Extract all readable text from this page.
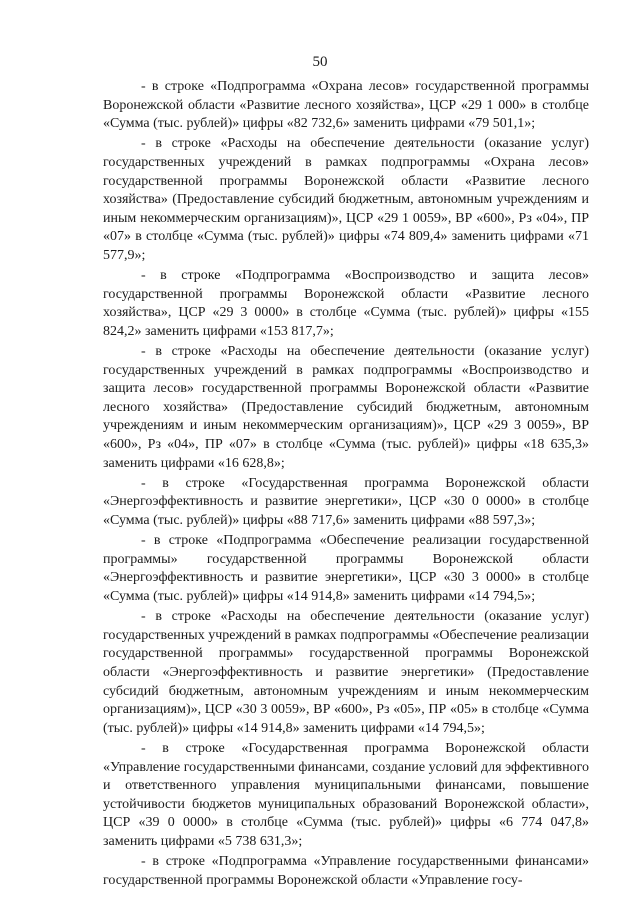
50

- в строке «Подпрограмма «Охрана лесов» государственной программы Воронежской области «Развитие лесного хозяйства», ЦСР «29 1 000» в столбце «Сумма (тыс. рублей)» цифры «82 732,6» заменить цифрами «79 501,1»;

- в строке «Расходы на обеспечение деятельности (оказание услуг) государственных учреждений в рамках подпрограммы «Охрана лесов» государственной программы Воронежской области «Развитие лесного хозяйства» (Предоставление субсидий бюджетным, автономным учреждениям и иным некоммерческим организациям)», ЦСР «29 1 0059», ВР «600», Рз «04», ПР «07» в столбце «Сумма (тыс. рублей)» цифры «74 809,4» заменить цифрами «71 577,9»;

- в строке «Подпрограмма «Воспроизводство и защита лесов» государственной программы Воронежской области «Развитие лесного хозяйства», ЦСР «29 3 0000» в столбце «Сумма (тыс. рублей)» цифры «155 824,2» заменить цифрами «153 817,7»;

- в строке «Расходы на обеспечение деятельности (оказание услуг) государственных учреждений в рамках подпрограммы «Воспроизводство и защита лесов» государственной программы Воронежской области «Развитие лесного хозяйства» (Предоставление субсидий бюджетным, автономным учреждениям и иным некоммерческим организациям)», ЦСР «29 3 0059», ВР «600», Рз «04», ПР «07» в столбце «Сумма (тыс. рублей)» цифры «18 635,3» заменить цифрами «16 628,8»;

- в строке «Государственная программа Воронежской области «Энергоэффективность и развитие энергетики», ЦСР «30 0 0000» в столбце «Сумма (тыс. рублей)» цифры «88 717,6» заменить цифрами «88 597,3»;

- в строке «Подпрограмма «Обеспечение реализации государственной программы» государственной программы Воронежской области «Энергоэффективность и развитие энергетики», ЦСР «30 3 0000» в столбце «Сумма (тыс. рублей)» цифры «14 914,8» заменить цифрами «14 794,5»;

- в строке «Расходы на обеспечение деятельности (оказание услуг) государственных учреждений в рамках подпрограммы «Обеспечение реализации государственной программы» государственной программы Воронежской области «Энергоэффективность и развитие энергетики» (Предоставление субсидий бюджетным, автономным учреждениям и иным некоммерческим организациям)», ЦСР «30 3 0059», ВР «600», Рз «05», ПР «05» в столбце «Сумма (тыс. рублей)» цифры «14 914,8» заменить цифрами «14 794,5»;

- в строке «Государственная программа Воронежской области «Управление государственными финансами, создание условий для эффективного и ответственного управления муниципальными финансами, повышение устойчивости бюджетов муниципальных образований Воронежской области», ЦСР «39 0 0000» в столбце «Сумма (тыс. рублей)» цифры «6 774 047,8» заменить цифрами «5 738 631,3»;

- в строке «Подпрограмма «Управление государственными финансами» государственной программы Воронежской области «Управление госу-
